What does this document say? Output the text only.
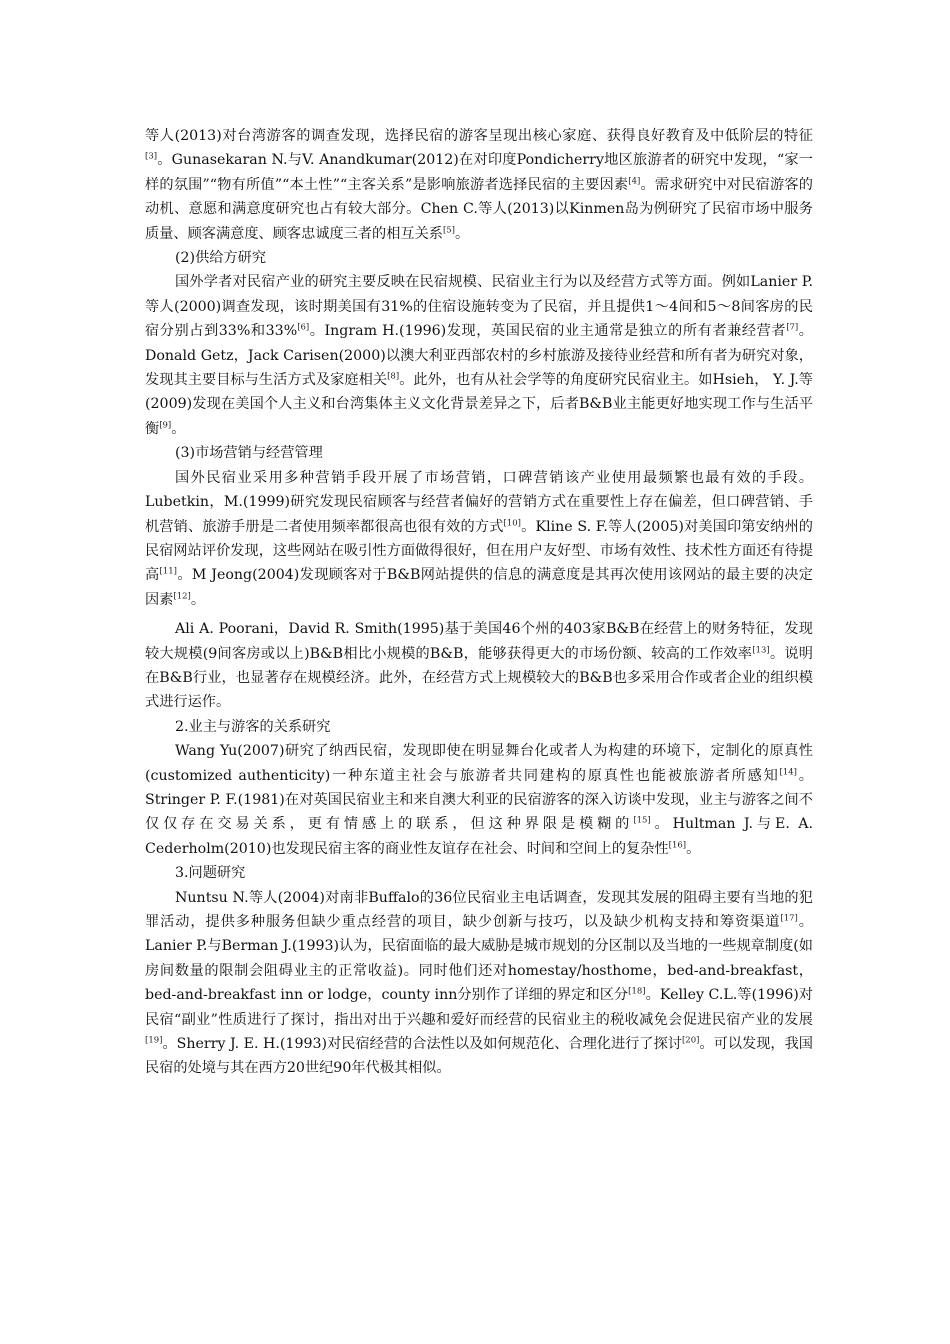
等人(2013)对台湾游客的调查发现，选择民宿的游客呈现出核心家庭、获得良好教育及中低阶层的特征[3]。Gunasekaran N.与V. Anandkumar(2012)在对印度Pondicherry地区旅游者的研究中发现，“家一样的氛围”“物有所值”“本土性”“主客关系”是影响旅游者选择民宿的主要因素[4]。需求研究中对民宿游客的动机、意愿和满意度研究也占有较大部分。Chen C.等人(2013)以Kinmen岛为例研究了民宿市场中服务质量、顾客满意度、顾客忠诚度三者的相互关系[5]。

(2)供给方研究

国外学者对民宿产业的研究主要反映在民宿规模、民宿业主行为以及经营方式等方面。例如Lanier P.等人(2000)调查发现，该时期美国有31%的住宿设施转变为了民宿，并且提供1～4间和5～8间客房的民宿分别占到33%和33%[6]。Ingram H.(1996)发现，英国民宿的业主通常是独立的所有者兼经营者[7]。Donald Getz，Jack Carisen(2000)以澳大利亚西部农村的乡村旅游及接待业经营和所有者为研究对象，发现其主要目标与生活方式及家庭相关[8]。此外，也有从社会学等的角度研究民宿业主。如Hsieh， Y. J.等(2009)发现在美国个人主义和台湾集体主义文化背景差异之下，后者B&B业主能更好地实现工作与生活平衡[9]。

(3)市场营销与经营管理

国外民宿业采用多种营销手段开展了市场营销，口碑营销该产业使用最频繁也最有效的手段。Lubetkin，M.(1999)研究发现民宿顾客与经营者偏好的营销方式在重要性上存在偏差，但口碑营销、手机营销、旅游手册是二者使用频率都很高也很有效的方式[10]。Kline S. F.等人(2005)对美国印第安纳州的民宿网站评价发现，这些网站在吸引性方面做得很好，但在用户友好型、市场有效性、技术性方面还有待提高[11]。M Jeong(2004)发现顾客对于B&B网站提供的信息的满意度是其再次使用该网站的最主要的决定因素[12]。

Ali A. Poorani，David R. Smith(1995)基于美国46个州的403家B&B在经营上的财务特征，发现较大规模(9间客房或以上)B&B相比小规模的B&B，能够获得更大的市场份额、较高的工作效率[13]。说明在B&B行业，也显著存在规模经济。此外，在经营方式上规模较大的B&B也多采用合作或者企业的组织模式进行运作。

2.业主与游客的关系研究

Wang Yu(2007)研究了纳西民宿，发现即使在明显舞台化或者人为构建的环境下，定制化的原真性(customized authenticity)一种东道主社会与旅游者共同建构的原真性也能被旅游者所感知[14]。Stringer P. F.(1981)在对英国民宿业主和来自澳大利亚的民宿游客的深入访谈中发现，业主与游客之间不仅仅存在交易关系，更有情感上的联系，但这种界限是模糊的[15]。Hultman J.与E. A. Cederholm(2010)也发现民宿主客的商业性友谊存在社会、时间和空间上的复杂性[16]。

3.问题研究

Nuntsu N.等人(2004)对南非Buffalo的36位民宿业主电话调查，发现其发展的阻碍主要有当地的犯罪活动，提供多种服务但缺少重点经营的项目，缺少创新与技巧，以及缺少机构支持和筹资渠道[17]。Lanier P.与Berman J.(1993)认为，民宿面临的最大威胁是城市规划的分区制以及当地的一些规章制度(如房间数量的限制会阻碍业主的正常收益)。同时他们还对homestay/hosthome，bed-and-breakfast，bed-and-breakfast inn or lodge，county inn分别作了详细的界定和区分[18]。Kelley C.L.等(1996)对民宿“副业”性质进行了探讨，指出对出于兴趣和爱好而经营的民宿业主的税收减免会促进民宿产业的发展[19]。Sherry J. E. H.(1993)对民宿经营的合法性以及如何规范化、合理化进行了探讨[20]。可以发现，我国民宿的处境与其在西方20世纪90年代极其相似。
